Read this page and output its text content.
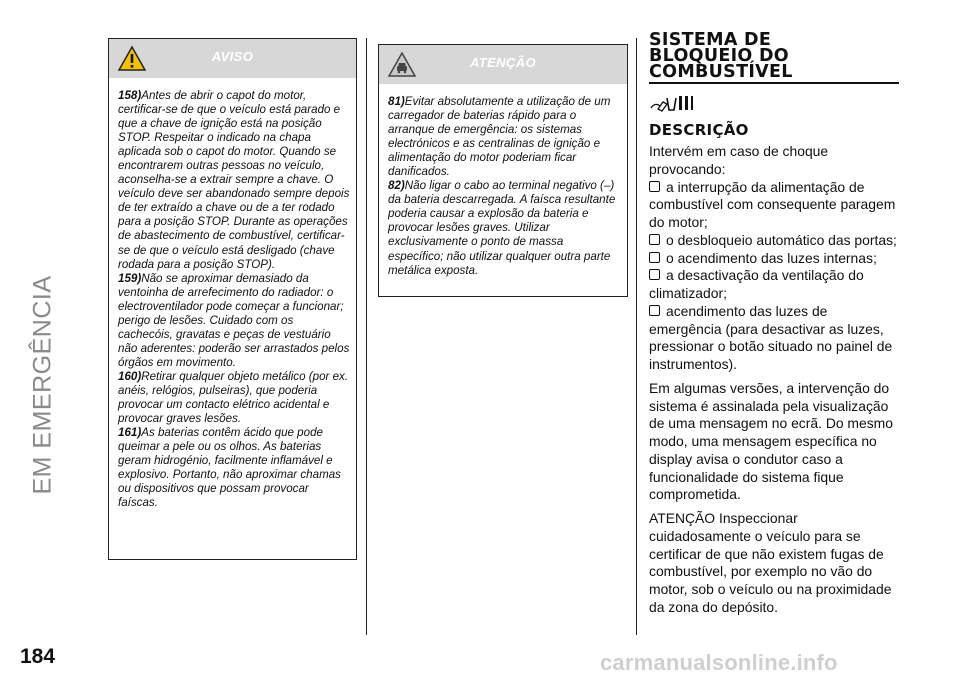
EM EMERGÊNCIA
184
AVISO

158)Antes de abrir o capot do motor, certificar-se de que o veículo está parado e que a chave de ignição está na posição STOP. Respeitar o indicado na chapa aplicada sob o capot do motor. Quando se encontrarem outras pessoas no veículo, aconselha-se a extrair sempre a chave. O veículo deve ser abandonado sempre depois de ter extraído a chave ou de a ter rodado para a posição STOP. Durante as operações de abastecimento de combustível, certificar-se de que o veículo está desligado (chave rodada para a posição STOP).

159)Não se aproximar demasiado da ventoinha de arrefecimento do radiador: o electroventilador pode começar a funcionar; perigo de lesões. Cuidado com os cachecóis, gravatas e peças de vestuário não aderentes: poderão ser arrastados pelos órgãos em movimento.

160)Retirar qualquer objeto metálico (por ex. anéis, relógios, pulseiras), que poderia provocar um contacto elétrico acidental e provocar graves lesões.

161)As baterias contêm ácido que pode queimar a pele ou os olhos. As baterias geram hidrogénio, facilmente inflamável e explosivo. Portanto, não aproximar chamas ou dispositivos que possam provocar faíscas.

ATENÇÃO

81)Evitar absolutamente a utilização de um carregador de baterias rápido para o arranque de emergência: os sistemas electrónicos e as centralinas de ignição e alimentação do motor poderiam ficar danificados.

82)Não ligar o cabo ao terminal negativo (–) da bateria descarregada. A faísca resultante poderia causar a explosão da bateria e provocar lesões graves. Utilizar exclusivamente o ponto de massa específico; não utilizar qualquer outra parte metálica exposta.

SISTEMA DE
BLOQUEIO DO
COMBUSTÍVEL
DESCRIÇÃO

Intervém em caso de choque provocando:

a interrupção da alimentação de combustível com consequente paragem do motor;

o desbloqueio automático das portas;

o acendimento das luzes internas;

a desactivação da ventilação do climatizador;

acendimento das luzes de emergência (para desactivar as luzes, pressionar o botão situado no painel de instrumentos).

Em algumas versões, a intervenção do sistema é assinalada pela visualização de uma mensagem no ecrã. Do mesmo modo, uma mensagem específica no display avisa o condutor caso a funcionalidade do sistema fique comprometida.

ATENÇÃO Inspeccionar cuidadosamente o veículo para se certificar de que não existem fugas de combustível, por exemplo no vão do motor, sob o veículo ou na proximidade da zona do depósito.

carmanualsonline.info
